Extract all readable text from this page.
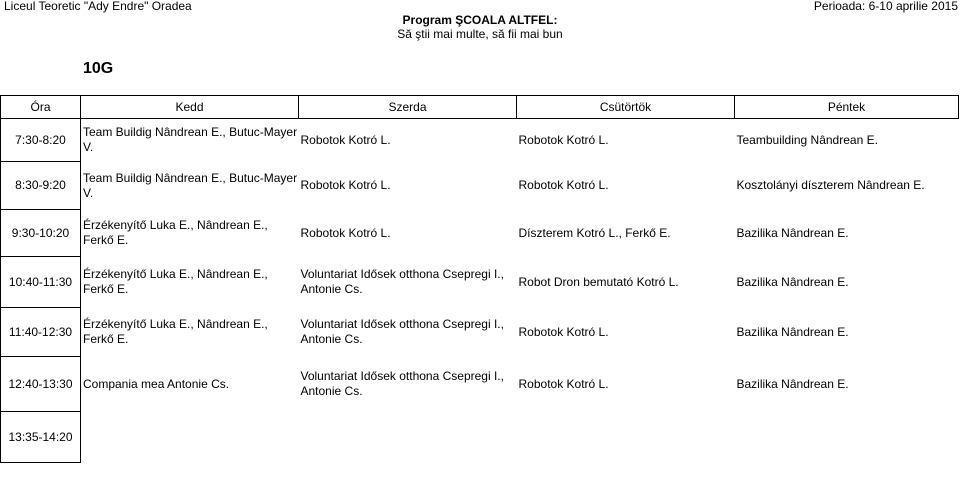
Liceul Teoretic "Ady Endre" Oradea
Program ŞCOALA ALTFEL:
Să ştii mai multe, să fii mai bun
Perioada: 6-10 aprilie 2015
10G
Óra	Kedd	Szerda	Csütörtök	Péntek
7:30-8:20	Team Buildig Nândrean E., Butuc-Mayer V.	Robotok Kotró L.	Robotok Kotró L.	Teambuilding Nândrean E.
8:30-9:20	Team Buildig Nândrean E., Butuc-Mayer V.	Robotok Kotró L.	Robotok Kotró L.	Kosztolányi díszterem Nândrean E.
9:30-10:20	Érzékenyítő Luka E., Nândrean E., Ferkő E.	Robotok Kotró L.	Díszterem Kotró L., Ferkő E.	Bazilika Nândrean E.
10:40-11:30	Érzékenyítő Luka E., Nândrean E., Ferkő E.	Voluntariat Idősek otthona Csepregi I., Antonie Cs.	Robot Dron bemutató Kotró L.	Bazilika Nândrean E.
11:40-12:30	Érzékenyítő Luka E., Nândrean E., Ferkő E.	Voluntariat Idősek otthona Csepregi I., Antonie Cs.	Robotok Kotró L.	Bazilika Nândrean E.
12:40-13:30	Compania mea Antonie Cs.	Voluntariat Idősek otthona Csepregi I., Antonie Cs.	Robotok Kotró L.	Bazilika Nândrean E.
13:35-14:20				
